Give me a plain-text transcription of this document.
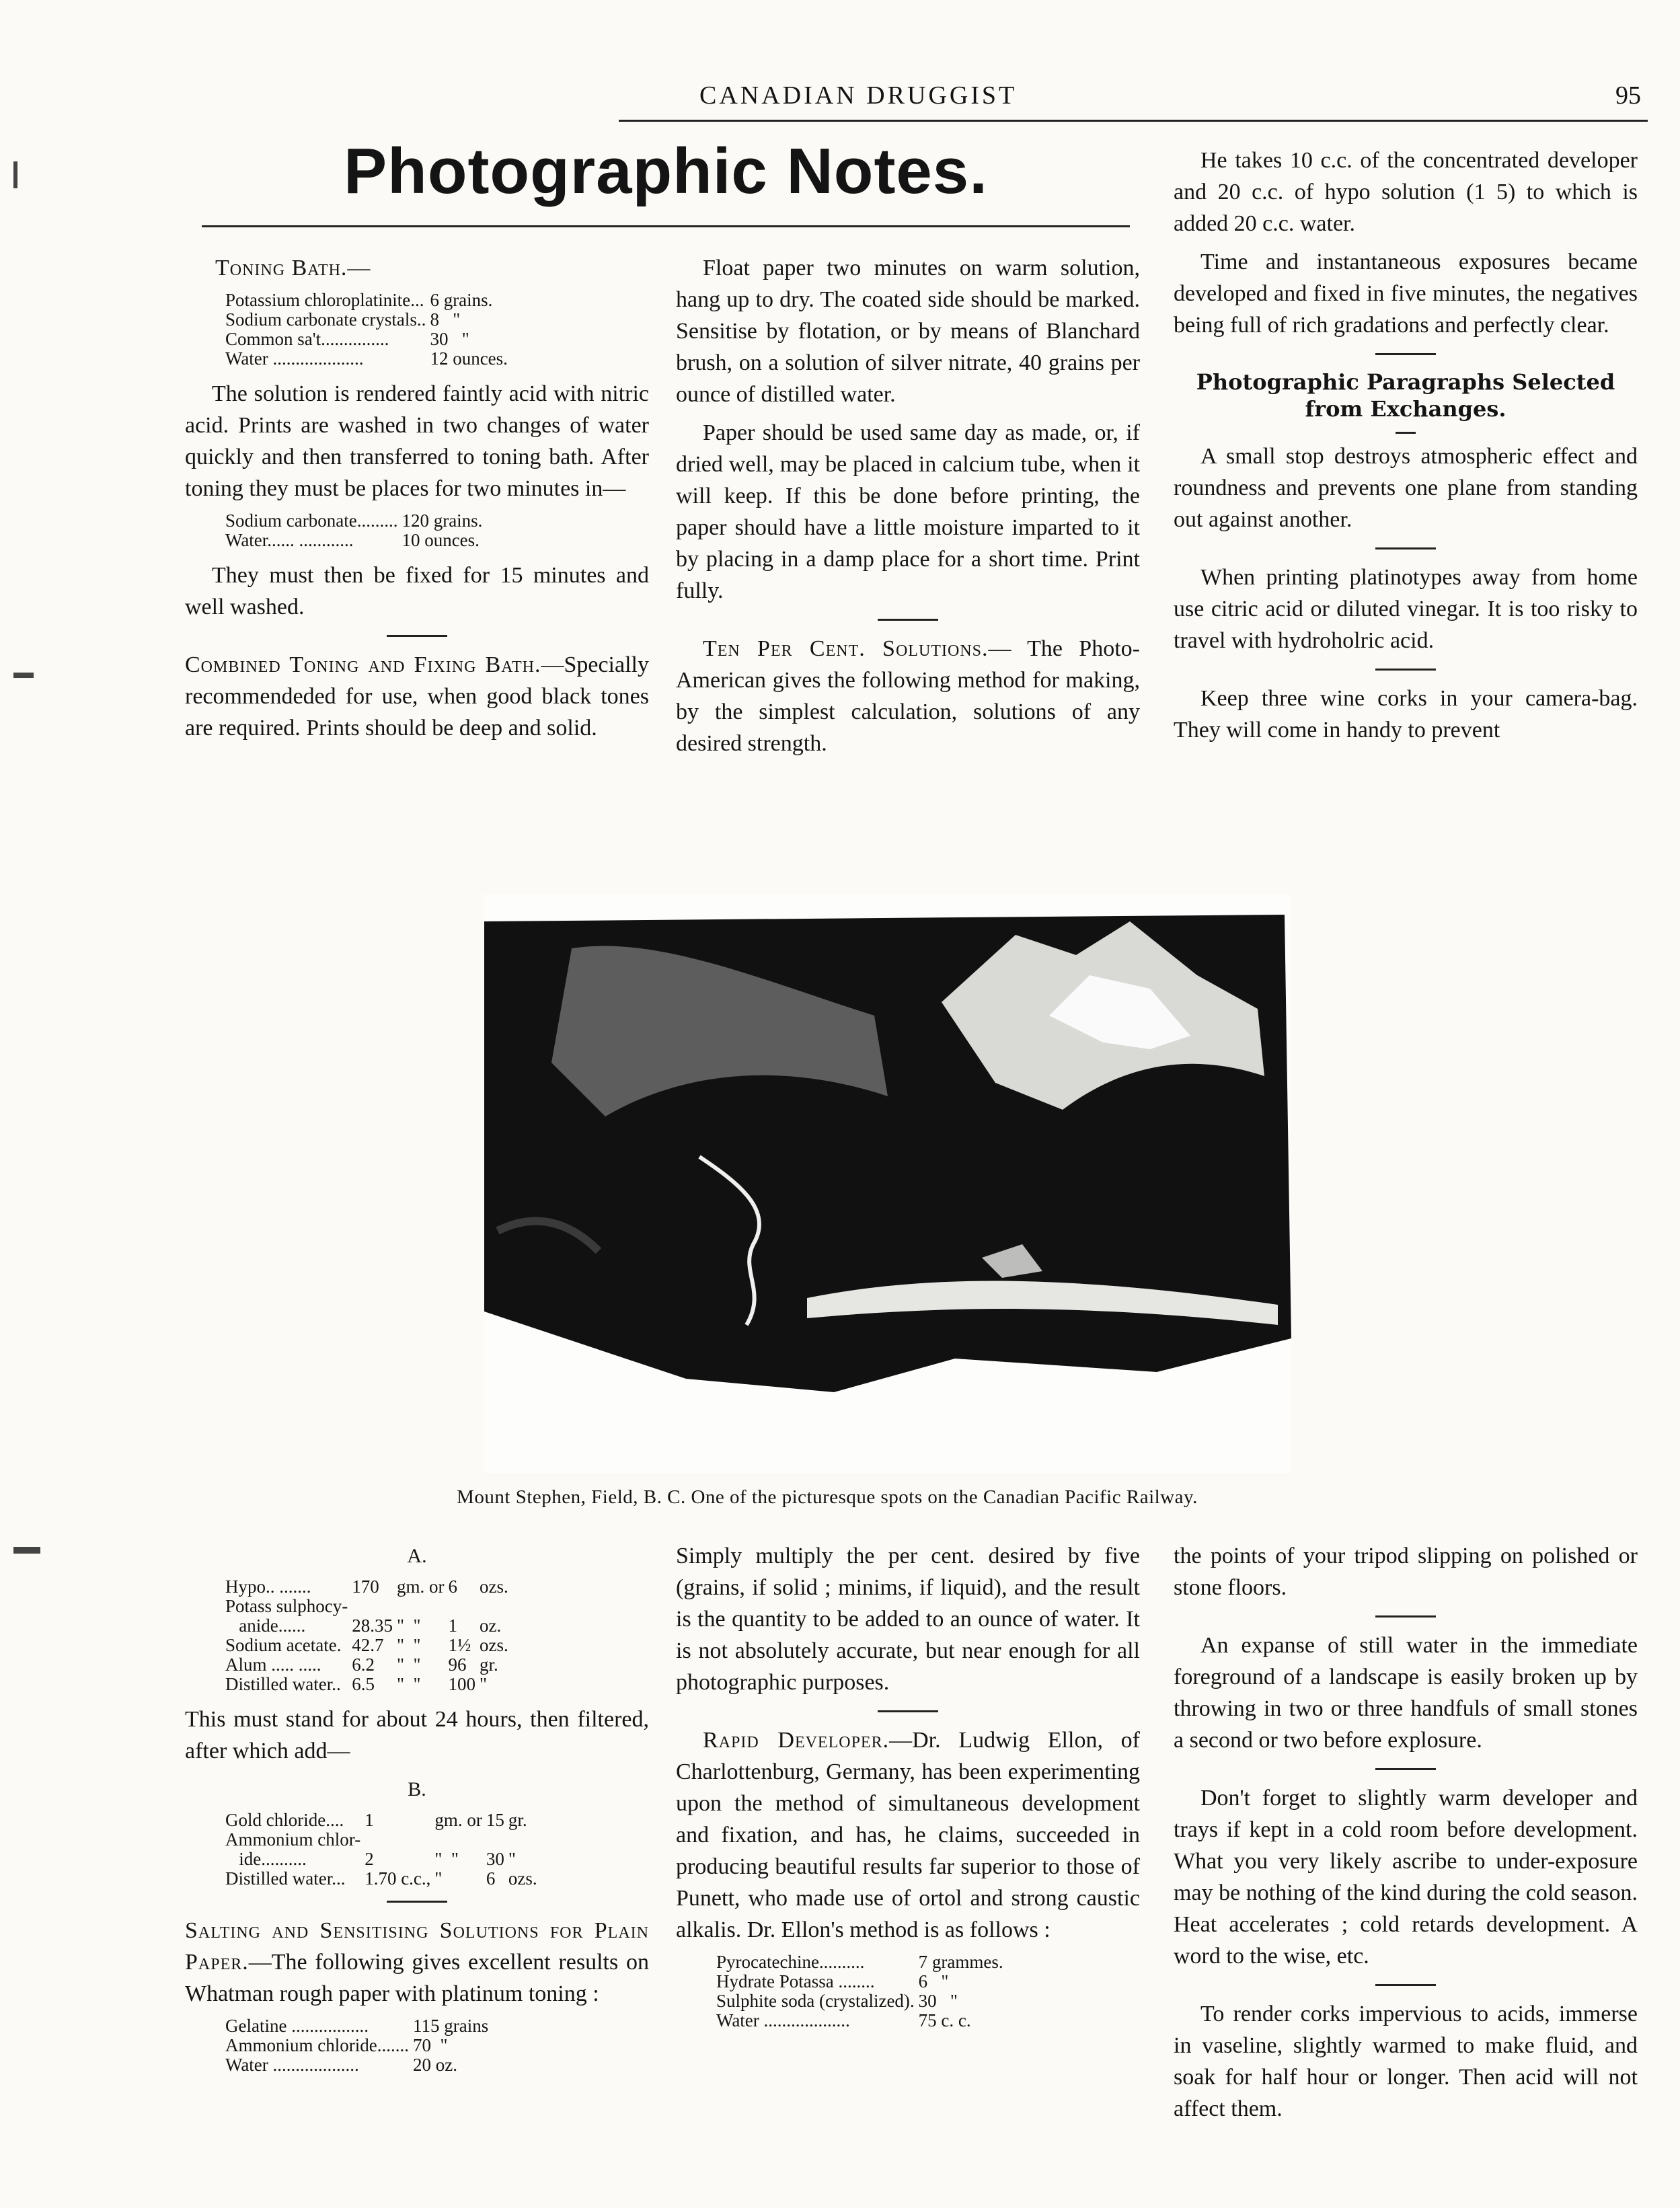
CANADIAN DRUGGIST	95
Photographic Notes.

Toning Bath.—

Potassium chloroplatinite...	6 grains.
Sodium carbonate crystals..	8   "
Common sa't...............	30   "
Water ....................	12 ounces.

The solution is rendered faintly acid with nitric acid. Prints are washed in two changes of water quickly and then transferred to toning bath. After toning they must be places for two minutes in—

Sodium carbonate.........	120 grains.
Water...... ............	10 ounces.

They must then be fixed for 15 minutes and well washed.

Combined Toning and Fixing Bath.—Specially recommendeded for use, when good black tones are required. Prints should be deep and solid.

Float paper two minutes on warm solution, hang up to dry. The coated side should be marked. Sensitise by flotation, or by means of Blanchard brush, on a solution of silver nitrate, 40 grains per ounce of distilled water.

Paper should be used same day as made, or, if dried well, may be placed in calcium tube, when it will keep. If this be done before printing, the paper should have a little moisture imparted to it by placing in a damp place for a short time. Print fully.

Ten Per Cent. Solutions.— The Photo-American gives the following method for making, by the simplest calculation, solutions of any desired strength.

He takes 10 c.c. of the concentrated developer and 20 c.c. of hypo solution (1 5) to which is added 20 c.c. water.

Time and instantaneous exposures became developed and fixed in five minutes, the negatives being full of rich gradations and perfectly clear.

Photographic Paragraphs Selected from Exchanges.

A small stop destroys atmospheric effect and roundness and prevents one plane from standing out against another.

When printing platinotypes away from home use citric acid or diluted vinegar. It is too risky to travel with hydroholric acid.

Keep three wine corks in your camera-bag. They will come in handy to prevent

Mount Stephen, Field, B. C. One of the picturesque spots on the Canadian Pacific Railway.
A.
Hypo.. .......	170	gm. or	6	ozs.
Potass sulphocy-				
anide......	28.35	"  "	1	oz.
Sodium acetate.	42.7	"  "	1½	ozs.
Alum ..... .....	6.2	"  "	96	gr.
Distilled water..	6.5	"  "	100	"

This must stand for about 24 hours, then filtered, after which add—

B.
Gold chloride....	1	gm. or	15	gr.
Ammonium chlor-				
ide..........	2	"  "	30	"
Distilled water...	1.70 c.c.,	"	6	ozs.

Salting and Sensitising Solutions for Plain Paper.—The following gives excellent results on Whatman rough paper with platinum toning :

Gelatine .................	115 grains
Ammonium chloride.......	70  "
Water ...................	20 oz.

Simply multiply the per cent. desired by five (grains, if solid ; minims, if liquid), and the result is the quantity to be added to an ounce of water. It is not absolutely accurate, but near enough for all photographic purposes.

Rapid Developer.—Dr. Ludwig Ellon, of Charlottenburg, Germany, has been experimenting upon the method of simultaneous development and fixation, and has, he claims, succeeded in producing beautiful results far superior to those of Punett, who made use of ortol and strong caustic alkalis. Dr. Ellon's method is as follows :

Pyrocatechine..........	7 grammes.
Hydrate Potassa ........	6   "
Sulphite soda (crystalized).	30   "
Water ...................	75 c. c.

the points of your tripod slipping on polished or stone floors.

An expanse of still water in the immediate foreground of a landscape is easily broken up by throwing in two or three handfuls of small stones a second or two before explosure.

Don't forget to slightly warm developer and trays if kept in a cold room before development. What you very likely ascribe to under-exposure may be nothing of the kind during the cold season. Heat accelerates ; cold retards development. A word to the wise, etc.

To render corks impervious to acids, immerse in vaseline, slightly warmed to make fluid, and soak for half hour or longer. Then acid will not affect them.
